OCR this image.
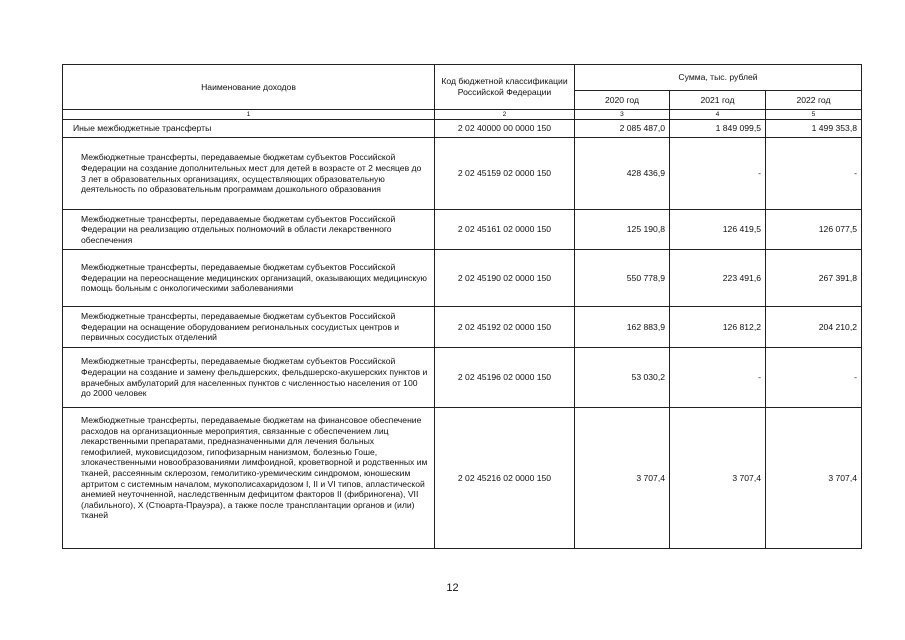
Наименование доходов	Код бюджетной классификации Российской Федерации	Сумма, тыс. рублей		
		2020 год	2021 год	2022 год
1	2	3	4	5
Иные межбюджетные трансферты	2 02 40000 00 0000 150	2 085 487,0	1 849 099,5	1 499 353,8
Межбюджетные трансферты, передаваемые бюджетам субъектов Российской Федерации на создание дополнительных мест для детей в возрасте от 2 месяцев до 3 лет в образовательных организациях, осуществляющих образовательную деятельность по образовательным программам дошкольного образования	2 02 45159 02 0000 150	428 436,9	-	-
Межбюджетные трансферты, передаваемые бюджетам субъектов Российской Федерации на реализацию отдельных полномочий в области лекарственного обеспечения	2 02 45161 02 0000 150	125 190,8	126 419,5	126 077,5
Межбюджетные трансферты, передаваемые бюджетам субъектов Российской Федерации на переоснащение медицинских организаций, оказывающих медицинскую помощь больным с онкологическими заболеваниями	2 02 45190 02 0000 150	550 778,9	223 491,6	267 391,8
Межбюджетные трансферты, передаваемые бюджетам субъектов Российской Федерации на оснащение оборудованием региональных сосудистых центров и первичных сосудистых отделений	2 02 45192 02 0000 150	162 883,9	126 812,2	204 210,2
Межбюджетные трансферты, передаваемые бюджетам субъектов Российской Федерации на создание и замену фельдшерских, фельдшерско-акушерских пунктов и врачебных амбулаторий для населенных пунктов с численностью населения от 100 до 2000 человек	2 02 45196 02 0000 150	53 030,2	-	-
Межбюджетные трансферты, передаваемые бюджетам на финансовое обеспечение расходов на организационные мероприятия, связанные с обеспечением лиц лекарственными препаратами, предназначенными для лечения больных гемофилией, муковисцидозом, гипофизарным нанизмом, болезнью Гоше, злокачественными новообразованиями лимфоидной, кроветворной и родственных им тканей, рассеянным склерозом, гемолитико-уремическим синдромом, юношеским артритом с системным началом, мукополисахаридозом I, II и VI типов, апластической анемией неуточненной, наследственным дефицитом факторов II (фибриногена), VII (лабильного), X (Стюарта-Прауэра), а также после трансплантации органов и (или) тканей	2 02 45216 02 0000 150	3 707,4	3 707,4	3 707,4
12
